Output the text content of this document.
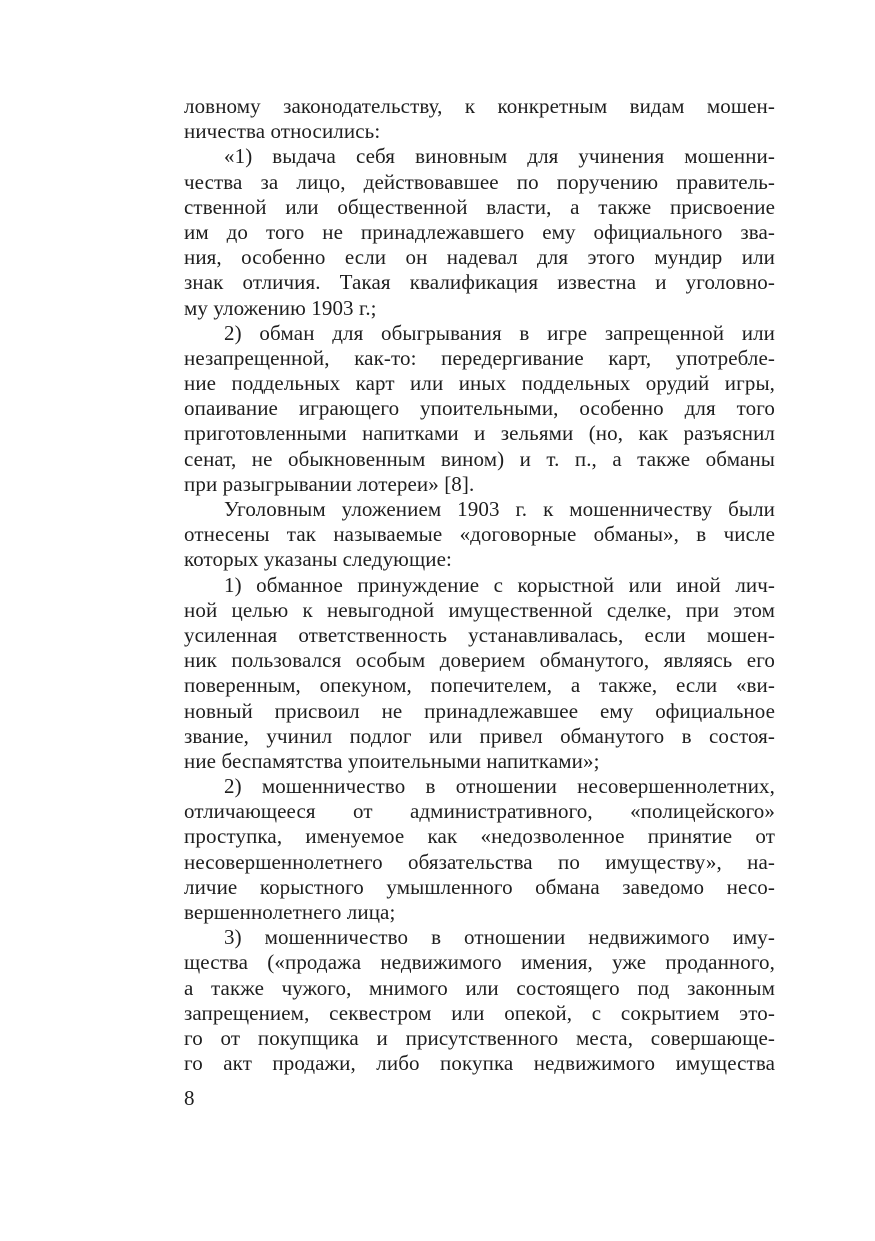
ловному законодательству, к конкретным видам мошен-
ничества относились:
«1) выдача себя виновным для учинения мошенни-
чества за лицо, действовавшее по поручению правитель-
ственной или общественной власти, а также присвоение
им до того не принадлежавшего ему официального зва-
ния, особенно если он надевал для этого мундир или
знак отличия. Такая квалификация известна и уголовно-
му уложению 1903 г.;
2) обман для обыгрывания в игре запрещенной или
незапрещенной, как-то: передергивание карт, употребле-
ние поддельных карт или иных поддельных орудий игры,
опаивание играющего упоительными, особенно для того
приготовленными напитками и зельями (но, как разъяснил
сенат, не обыкновенным вином) и т. п., а также обманы
при разыгрывании лотереи» [8].
Уголовным уложением 1903 г. к мошенничеству были
отнесены так называемые «договорные обманы», в числе
которых указаны следующие:
1) обманное принуждение с корыстной или иной лич-
ной целью к невыгодной имущественной сделке, при этом
усиленная ответственность устанавливалась, если мошен-
ник пользовался особым доверием обманутого, являясь его
поверенным, опекуном, попечителем, а также, если «ви-
новный присвоил не принадлежавшее ему официальное
звание, учинил подлог или привел обманутого в состоя-
ние беспамятства упоительными напитками»;
2) мошенничество в отношении несовершеннолетних,
отличающееся от административного, «полицейского»
проступка, именуемое как «недозволенное принятие от
несовершеннолетнего обязательства по имуществу», на-
личие корыстного умышленного обмана заведомо несо-
вершеннолетнего лица;
3) мошенничество в отношении недвижимого иму-
щества («продажа недвижимого имения, уже проданного,
а также чужого, мнимого или состоящего под законным
запрещением, секвестром или опекой, с сокрытием это-
го от покупщика и присутственного места, совершающе-
го акт продажи, либо покупка недвижимого имущества
8
